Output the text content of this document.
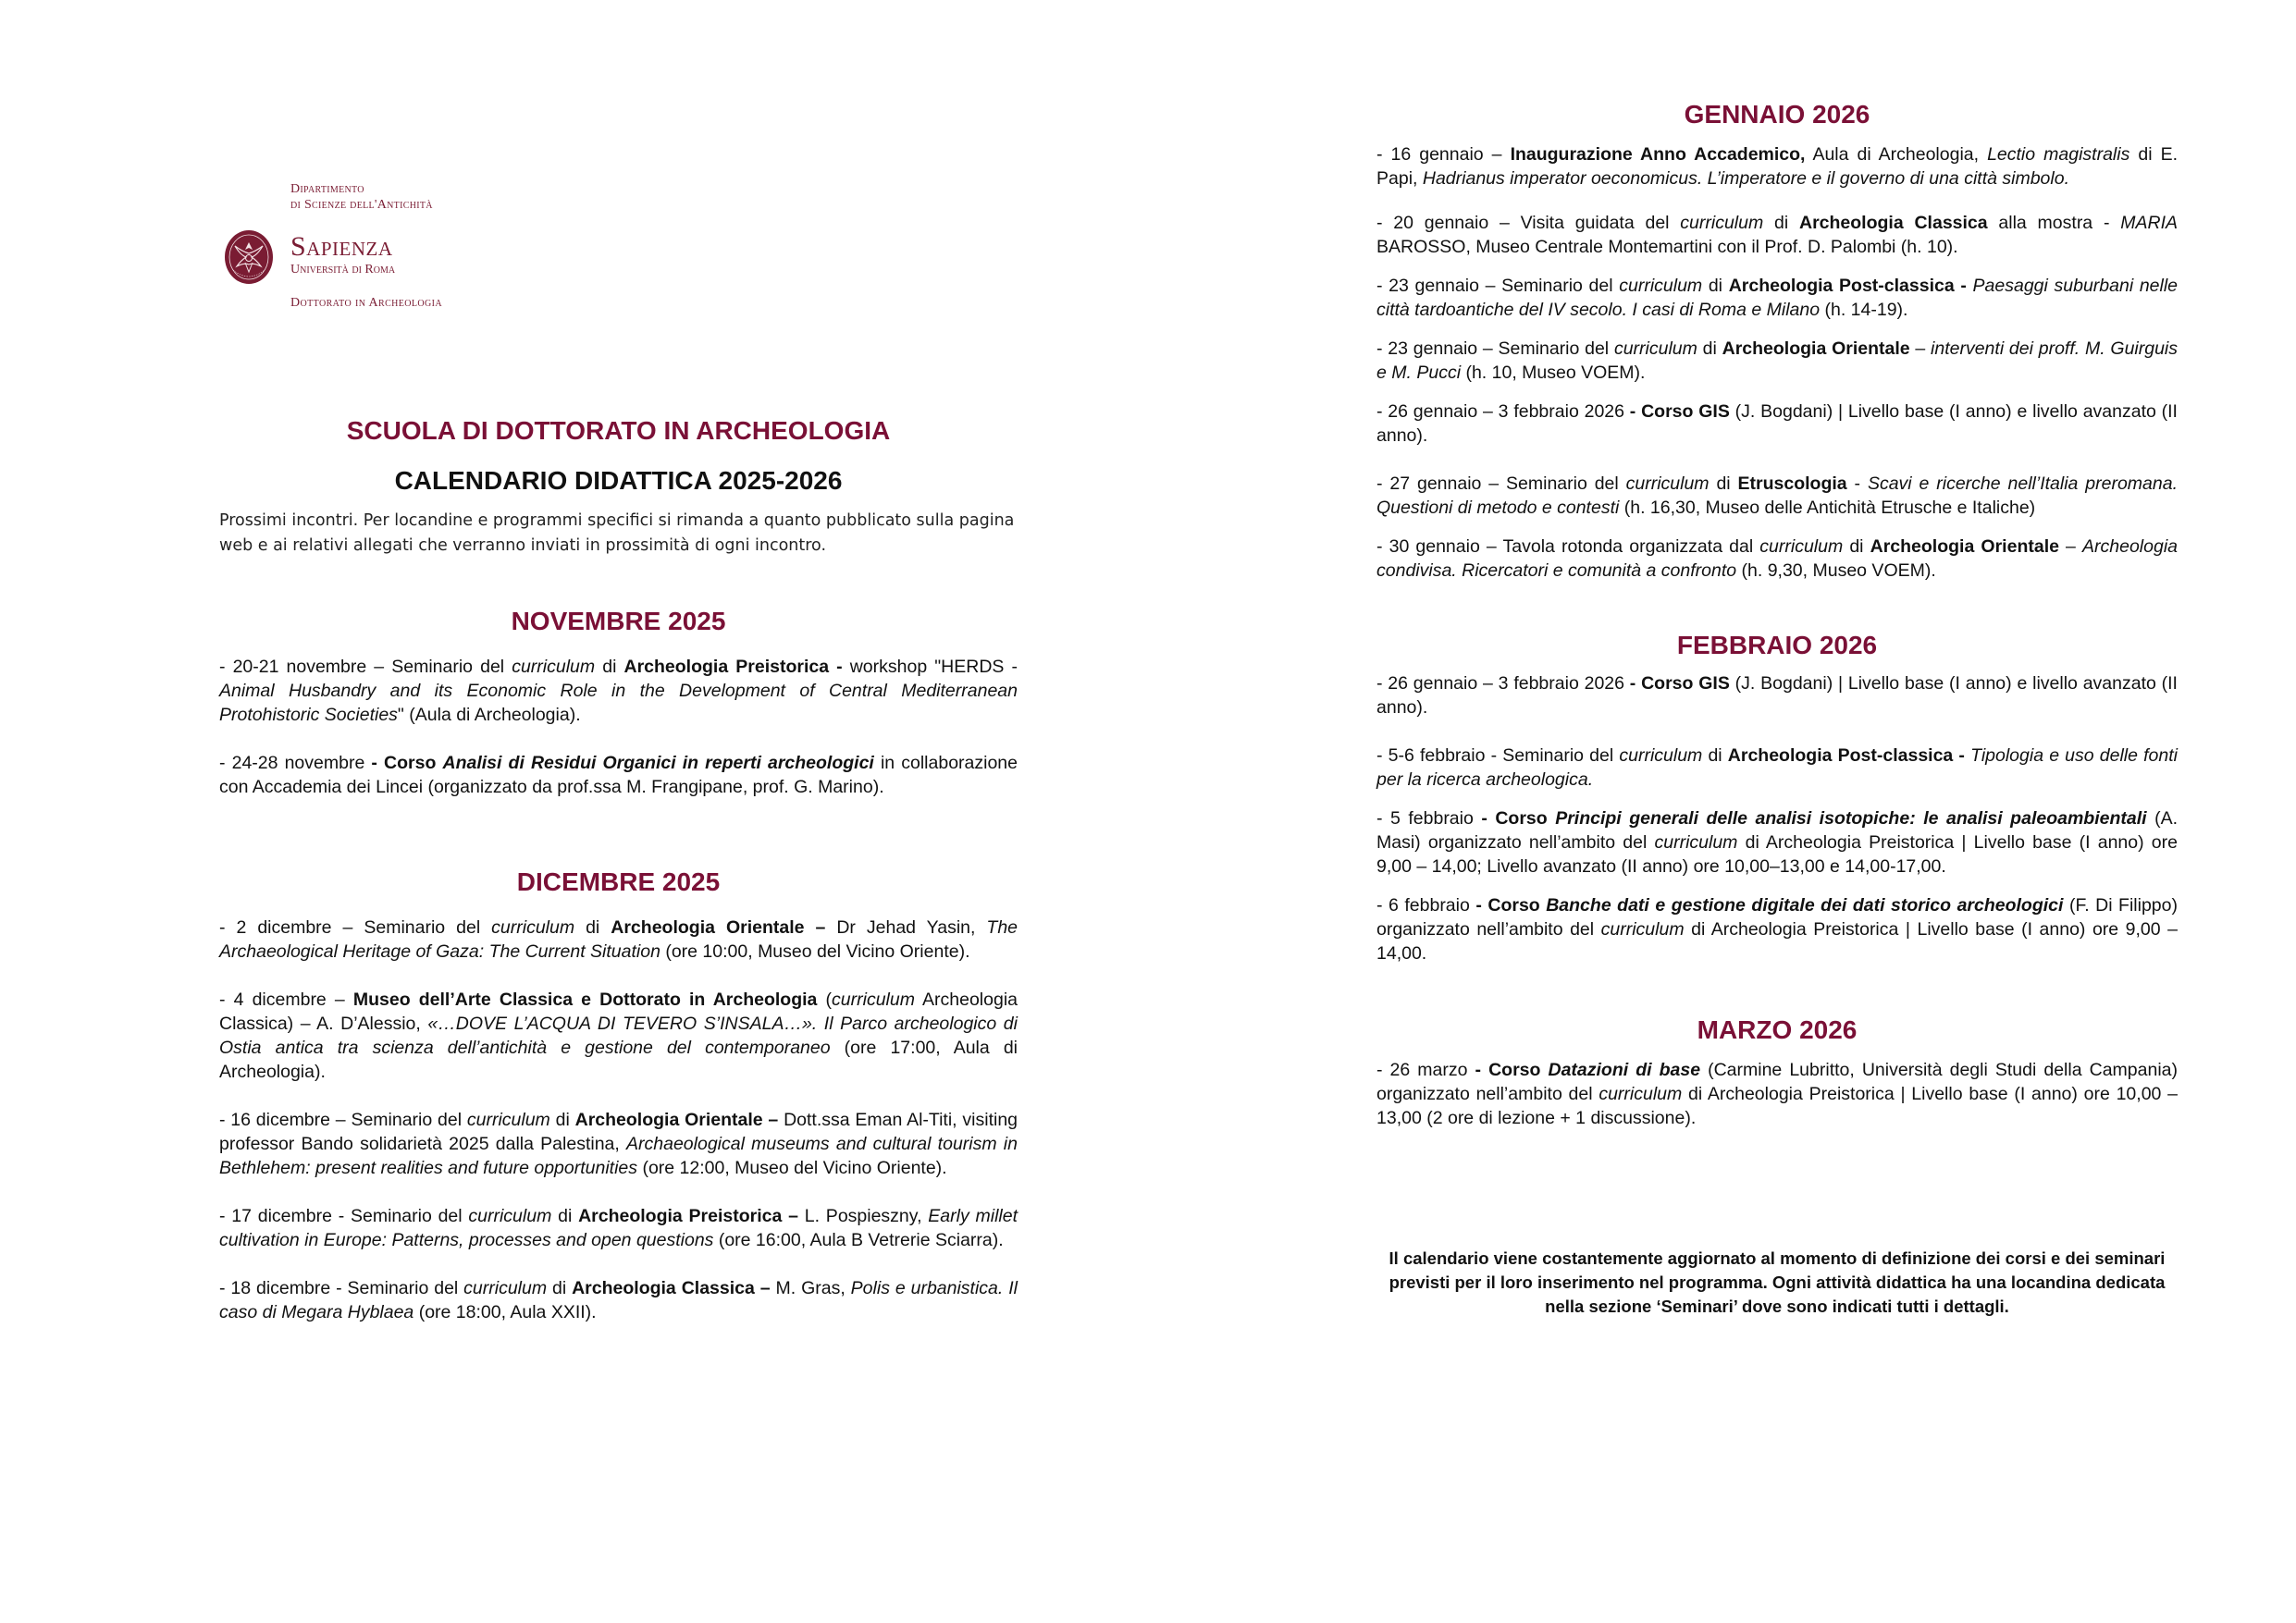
Dipartimento
di Scienze dell'Antichità
Sapienza
Università di Roma
Dottorato in Archeologia
SCUOLA DI DOTTORATO IN ARCHEOLOGIA
CALENDARIO DIDATTICA 2025-2026

Prossimi incontri. Per locandine e programmi specifici si rimanda a quanto pubblicato sulla pagina web e ai relativi allegati che verranno inviati in prossimità di ogni incontro.

NOVEMBRE 2025

- 20-21 novembre – Seminario del curriculum di Archeologia Preistorica - workshop "HERDS - Animal Husbandry and its Economic Role in the Development of Central Mediterranean Protohistoric Societies" (Aula di Archeologia).

- 24-28 novembre - Corso Analisi di Residui Organici in reperti archeologici in collaborazione con Accademia dei Lincei (organizzato da prof.ssa M. Frangipane, prof. G. Marino).

DICEMBRE 2025

- 2 dicembre – Seminario del curriculum di Archeologia Orientale – Dr Jehad Yasin, The Archaeological Heritage of Gaza: The Current Situation (ore 10:00, Museo del Vicino Oriente).

- 4 dicembre – Museo dell’Arte Classica e Dottorato in Archeologia (curriculum Archeologia Classica) – A. D’Alessio, «…DOVE L’ACQUA DI TEVERO S’INSALA…». Il Parco archeologico di Ostia antica tra scienza dell’antichità e gestione del contemporaneo (ore 17:00, Aula di Archeologia).

- 16 dicembre – Seminario del curriculum di Archeologia Orientale – Dott.ssa Eman Al-Titi, visiting professor Bando solidarietà 2025 dalla Palestina, Archaeological museums and cultural tourism in Bethlehem: present realities and future opportunities (ore 12:00, Museo del Vicino Oriente).

- 17 dicembre - Seminario del curriculum di Archeologia Preistorica – L. Pospieszny, Early millet cultivation in Europe: Patterns, processes and open questions (ore 16:00, Aula B Vetrerie Sciarra).

- 18 dicembre - Seminario del curriculum di Archeologia Classica – M. Gras, Polis e urbanistica. Il caso di Megara Hyblaea (ore 18:00, Aula XXII).

GENNAIO 2026

- 16 gennaio – Inaugurazione Anno Accademico, Aula di Archeologia, Lectio magistralis di E. Papi, Hadrianus imperator oeconomicus. L’imperatore e il governo di una città simbolo.

- 20 gennaio – Visita guidata del curriculum di Archeologia Classica alla mostra - MARIA BAROSSO, Museo Centrale Montemartini con il Prof. D. Palombi (h. 10).

- 23 gennaio – Seminario del curriculum di Archeologia Post-classica - Paesaggi suburbani nelle città tardoantiche del IV secolo. I casi di Roma e Milano (h. 14-19).

- 23 gennaio – Seminario del curriculum di Archeologia Orientale – interventi dei proff. M. Guirguis e M. Pucci (h. 10, Museo VOEM).

- 26 gennaio – 3 febbraio 2026 - Corso GIS (J. Bogdani) | Livello base (I anno) e livello avanzato (II anno).

- 27 gennaio – Seminario del curriculum di Etruscologia - Scavi e ricerche nell’Italia preromana. Questioni di metodo e contesti (h. 16,30, Museo delle Antichità Etrusche e Italiche)

- 30 gennaio – Tavola rotonda organizzata dal curriculum di Archeologia Orientale – Archeologia condivisa. Ricercatori e comunità a confronto (h. 9,30, Museo VOEM).

FEBBRAIO 2026

- 26 gennaio – 3 febbraio 2026 - Corso GIS (J. Bogdani) | Livello base (I anno) e livello avanzato (II anno).

- 5-6 febbraio - Seminario del curriculum di Archeologia Post-classica - Tipologia e uso delle fonti per la ricerca archeologica.

- 5 febbraio - Corso Principi generali delle analisi isotopiche: le analisi paleoambientali (A. Masi) organizzato nell’ambito del curriculum di Archeologia Preistorica | Livello base (I anno) ore 9,00 – 14,00; Livello avanzato (II anno) ore 10,00–13,00 e 14,00-17,00.

- 6 febbraio - Corso Banche dati e gestione digitale dei dati storico archeologici (F. Di Filippo) organizzato nell’ambito del curriculum di Archeologia Preistorica | Livello base (I anno) ore 9,00 – 14,00.

MARZO 2026

- 26 marzo - Corso Datazioni di base (Carmine Lubritto, Università degli Studi della Campania) organizzato nell’ambito del curriculum di Archeologia Preistorica | Livello base (I anno) ore 10,00 – 13,00 (2 ore di lezione + 1 discussione).

Il calendario viene costantemente aggiornato al momento di definizione dei corsi e dei seminari previsti per il loro inserimento nel programma. Ogni attività didattica ha una locandina dedicata nella sezione ‘Seminari’ dove sono indicati tutti i dettagli.
